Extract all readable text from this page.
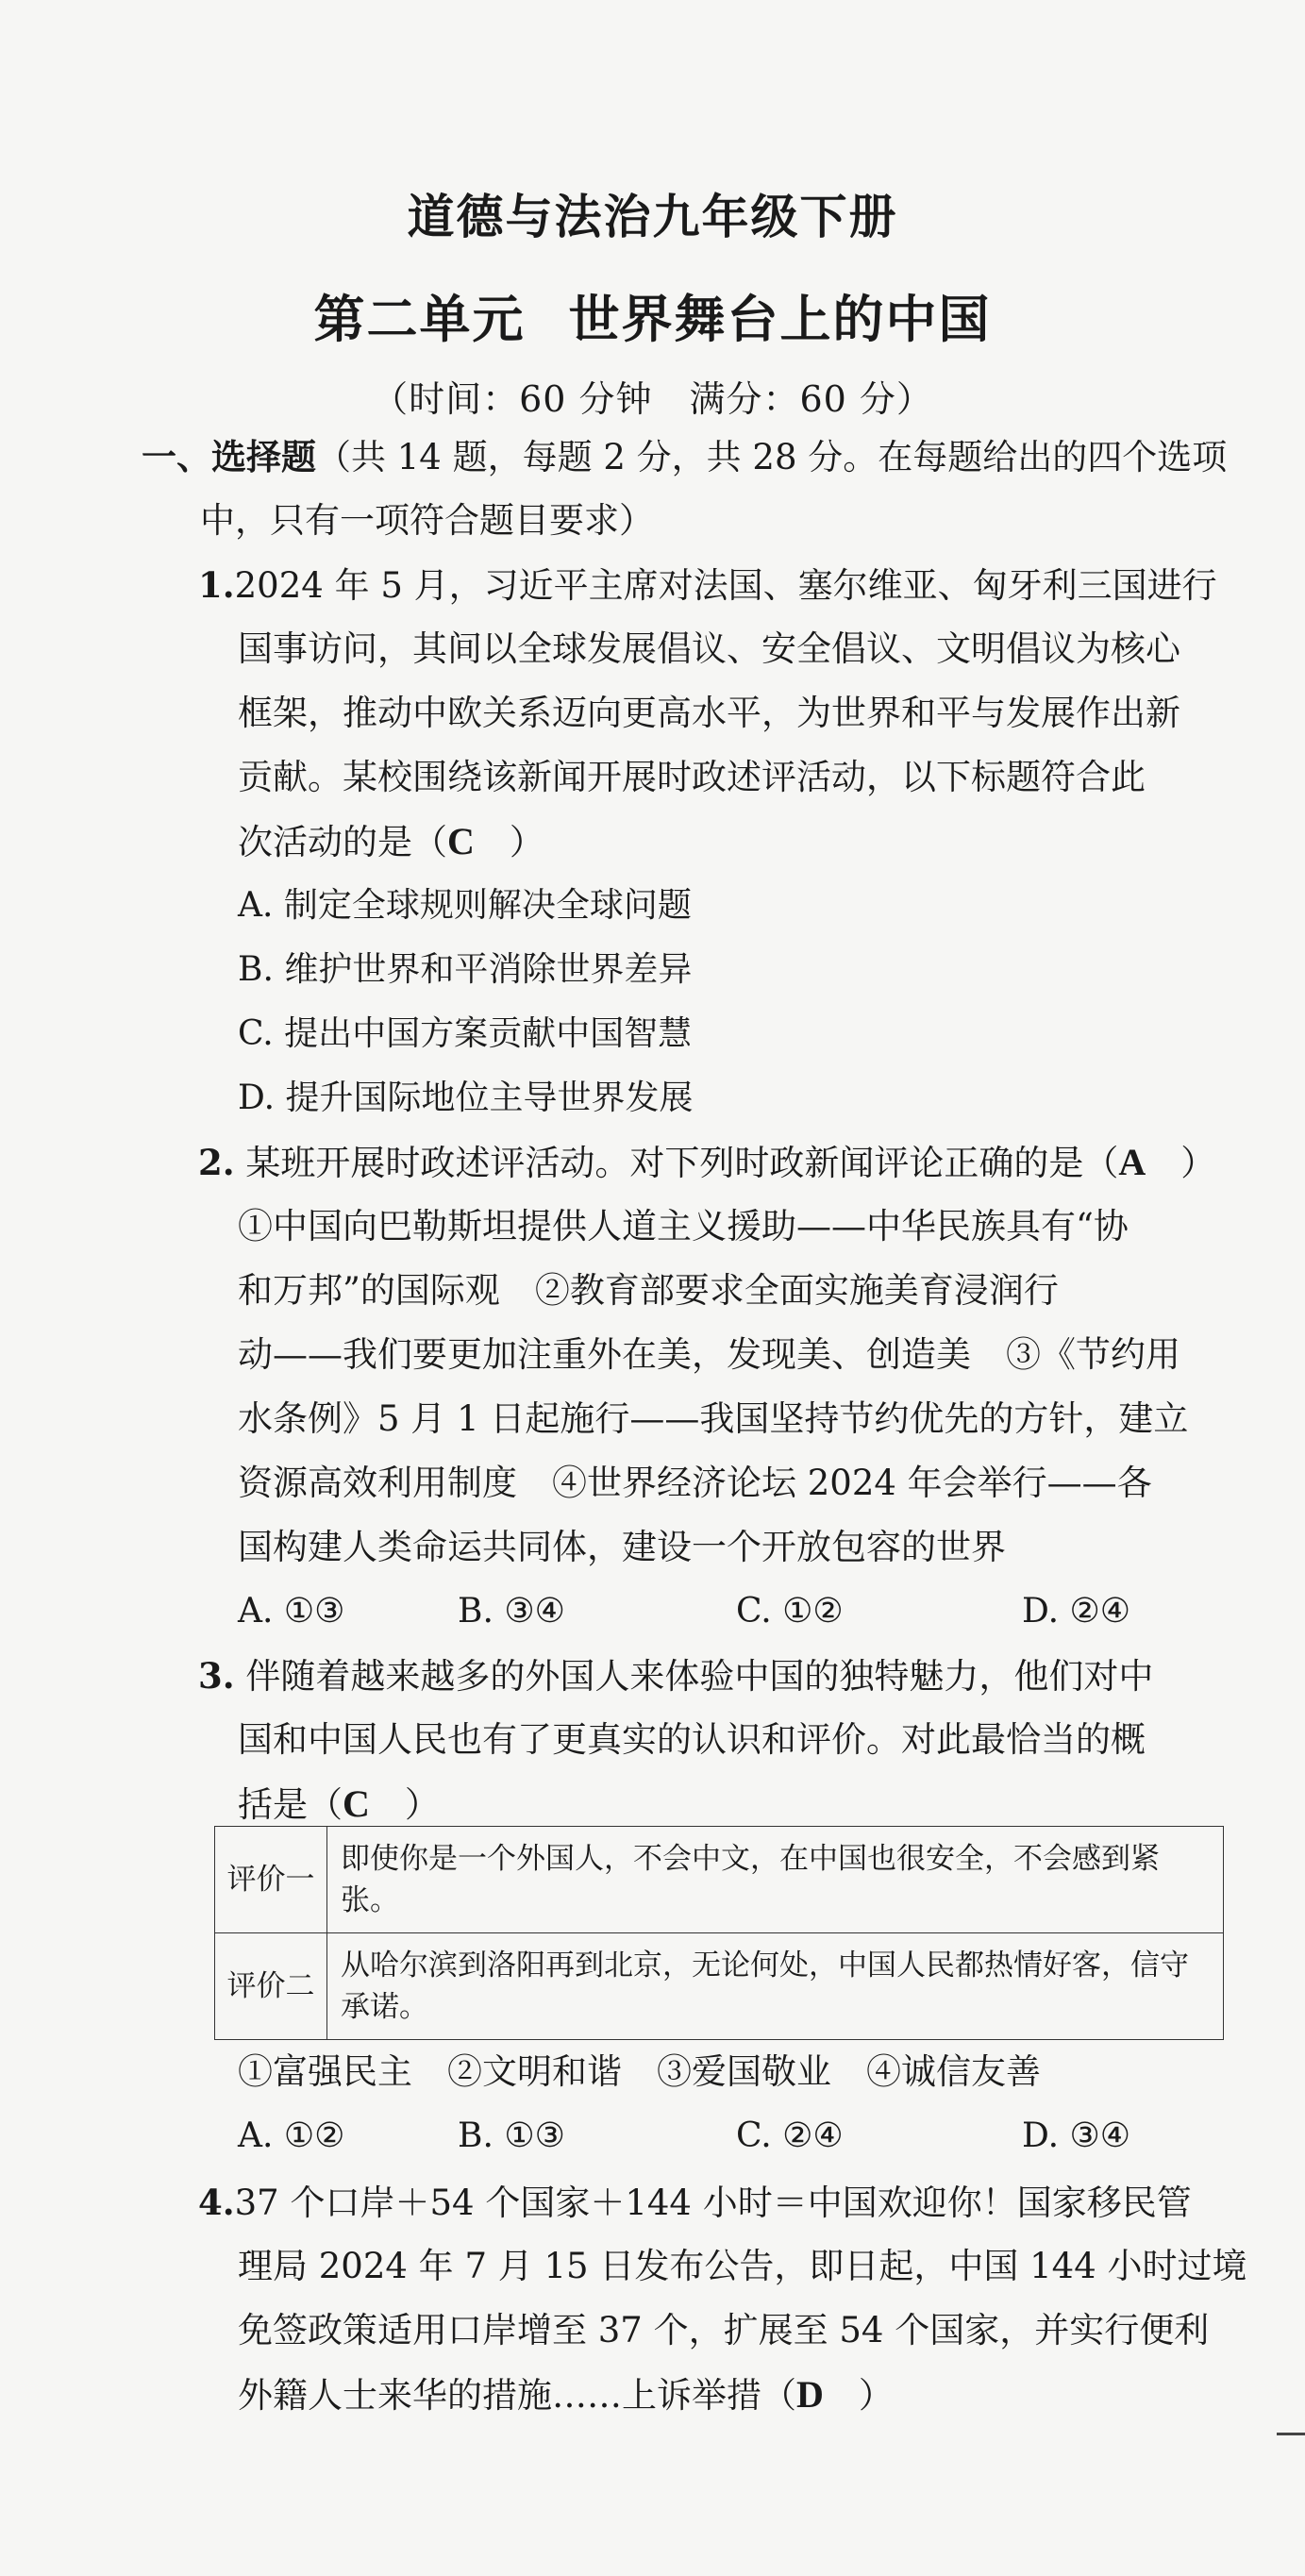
道德与法治九年级下册
第二单元 世界舞台上的中国
（时间：60 分钟　满分：60 分）
一、选择题（共 14 题，每题 2 分，共 28 分。在每题给出的四个选项
中，只有一项符合题目要求）
1.2024 年 5 月，习近平主席对法国、塞尔维亚、匈牙利三国进行
国事访问，其间以全球发展倡议、安全倡议、文明倡议为核心
框架，推动中欧关系迈向更高水平，为世界和平与发展作出新
贡献。某校围绕该新闻开展时政述评活动，以下标题符合此
次活动的是（C　 ）
A. 制定全球规则解决全球问题
B. 维护世界和平消除世界差异
C. 提出中国方案贡献中国智慧
D. 提升国际地位主导世界发展
2. 某班开展时政述评活动。对下列时政新闻评论正确的是（A　 ）
①中国向巴勒斯坦提供人道主义援助——中华民族具有“协
和万邦”的国际观　②教育部要求全面实施美育浸润行
动——我们要更加注重外在美，发现美、创造美　③《节约用
水条例》5 月 1 日起施行——我国坚持节约优先的方针，建立
资源高效利用制度　④世界经济论坛 2024 年会举行——各
国构建人类命运共同体，建设一个开放包容的世界
A. ①③	B. ③④	C. ①②	D. ②④
3. 伴随着越来越多的外国人来体验中国的独特魅力，他们对中
国和中国人民也有了更真实的认识和评价。对此最恰当的概
括是（C　 ）
评价一	即使你是一个外国人，不会中文，在中国也很安全，不会感到紧张。
评价二	从哈尔滨到洛阳再到北京，无论何处，中国人民都热情好客，信守承诺。
①富强民主　②文明和谐　③爱国敬业　④诚信友善
A. ①②	B. ①③	C. ②④	D. ③④
4.37 个口岸＋54 个国家＋144 小时＝中国欢迎你！国家移民管
理局 2024 年 7 月 15 日发布公告，即日起，中国 144 小时过境
免签政策适用口岸增至 37 个，扩展至 54 个国家，并实行便利
外籍人士来华的措施……上诉举措（D　 ）
